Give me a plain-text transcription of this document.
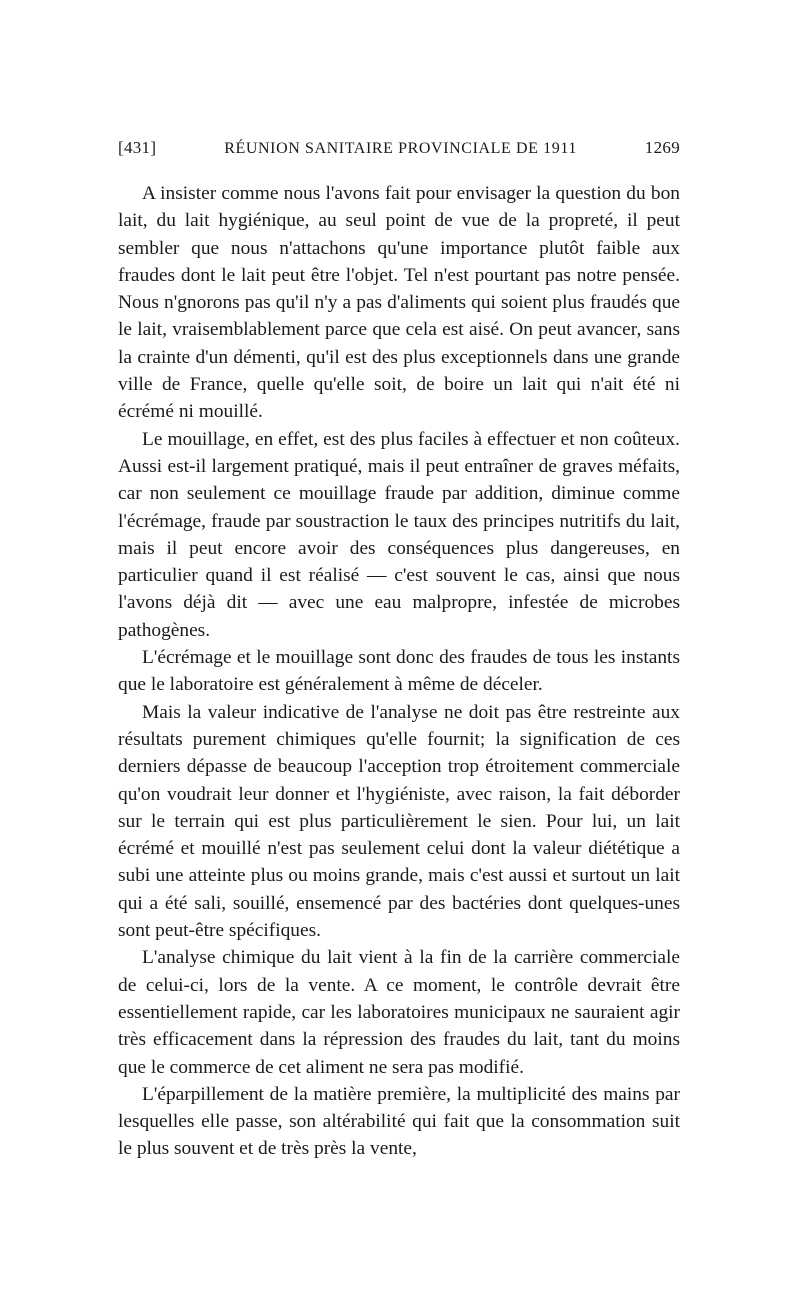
[431]	RÉUNION SANITAIRE PROVINCIALE DE 1911	1269

A insister comme nous l'avons fait pour envisager la question du bon lait, du lait hygiénique, au seul point de vue de la propreté, il peut sembler que nous n'attachons qu'une importance plutôt faible aux fraudes dont le lait peut être l'objet. Tel n'est pourtant pas notre pensée. Nous n'gnorons pas qu'il n'y a pas d'aliments qui soient plus fraudés que le lait, vraisemblablement parce que cela est aisé. On peut avancer, sans la crainte d'un démenti, qu'il est des plus exceptionnels dans une grande ville de France, quelle qu'elle soit, de boire un lait qui n'ait été ni écrémé ni mouillé.

Le mouillage, en effet, est des plus faciles à effectuer et non coûteux. Aussi est-il largement pratiqué, mais il peut entraîner de graves méfaits, car non seulement ce mouillage fraude par addition, diminue comme l'écrémage, fraude par soustraction le taux des principes nutritifs du lait, mais il peut encore avoir des conséquences plus dangereuses, en particulier quand il est réalisé — c'est souvent le cas, ainsi que nous l'avons déjà dit — avec une eau malpropre, infestée de microbes pathogènes.

L'écrémage et le mouillage sont donc des fraudes de tous les instants que le laboratoire est généralement à même de déceler.

Mais la valeur indicative de l'analyse ne doit pas être restreinte aux résultats purement chimiques qu'elle fournit; la signification de ces derniers dépasse de beaucoup l'acception trop étroitement commerciale qu'on voudrait leur donner et l'hygiéniste, avec raison, la fait déborder sur le terrain qui est plus particulièrement le sien. Pour lui, un lait écrémé et mouillé n'est pas seulement celui dont la valeur diététique a subi une atteinte plus ou moins grande, mais c'est aussi et surtout un lait qui a été sali, souillé, ensemencé par des bactéries dont quelques-unes sont peut-être spécifiques.

L'analyse chimique du lait vient à la fin de la carrière commerciale de celui-ci, lors de la vente. A ce moment, le contrôle devrait être essentiellement rapide, car les laboratoires municipaux ne sauraient agir très efficacement dans la répression des fraudes du lait, tant du moins que le commerce de cet aliment ne sera pas modifié.

L'éparpillement de la matière première, la multiplicité des mains par lesquelles elle passe, son altérabilité qui fait que la consommation suit le plus souvent et de très près la vente,
